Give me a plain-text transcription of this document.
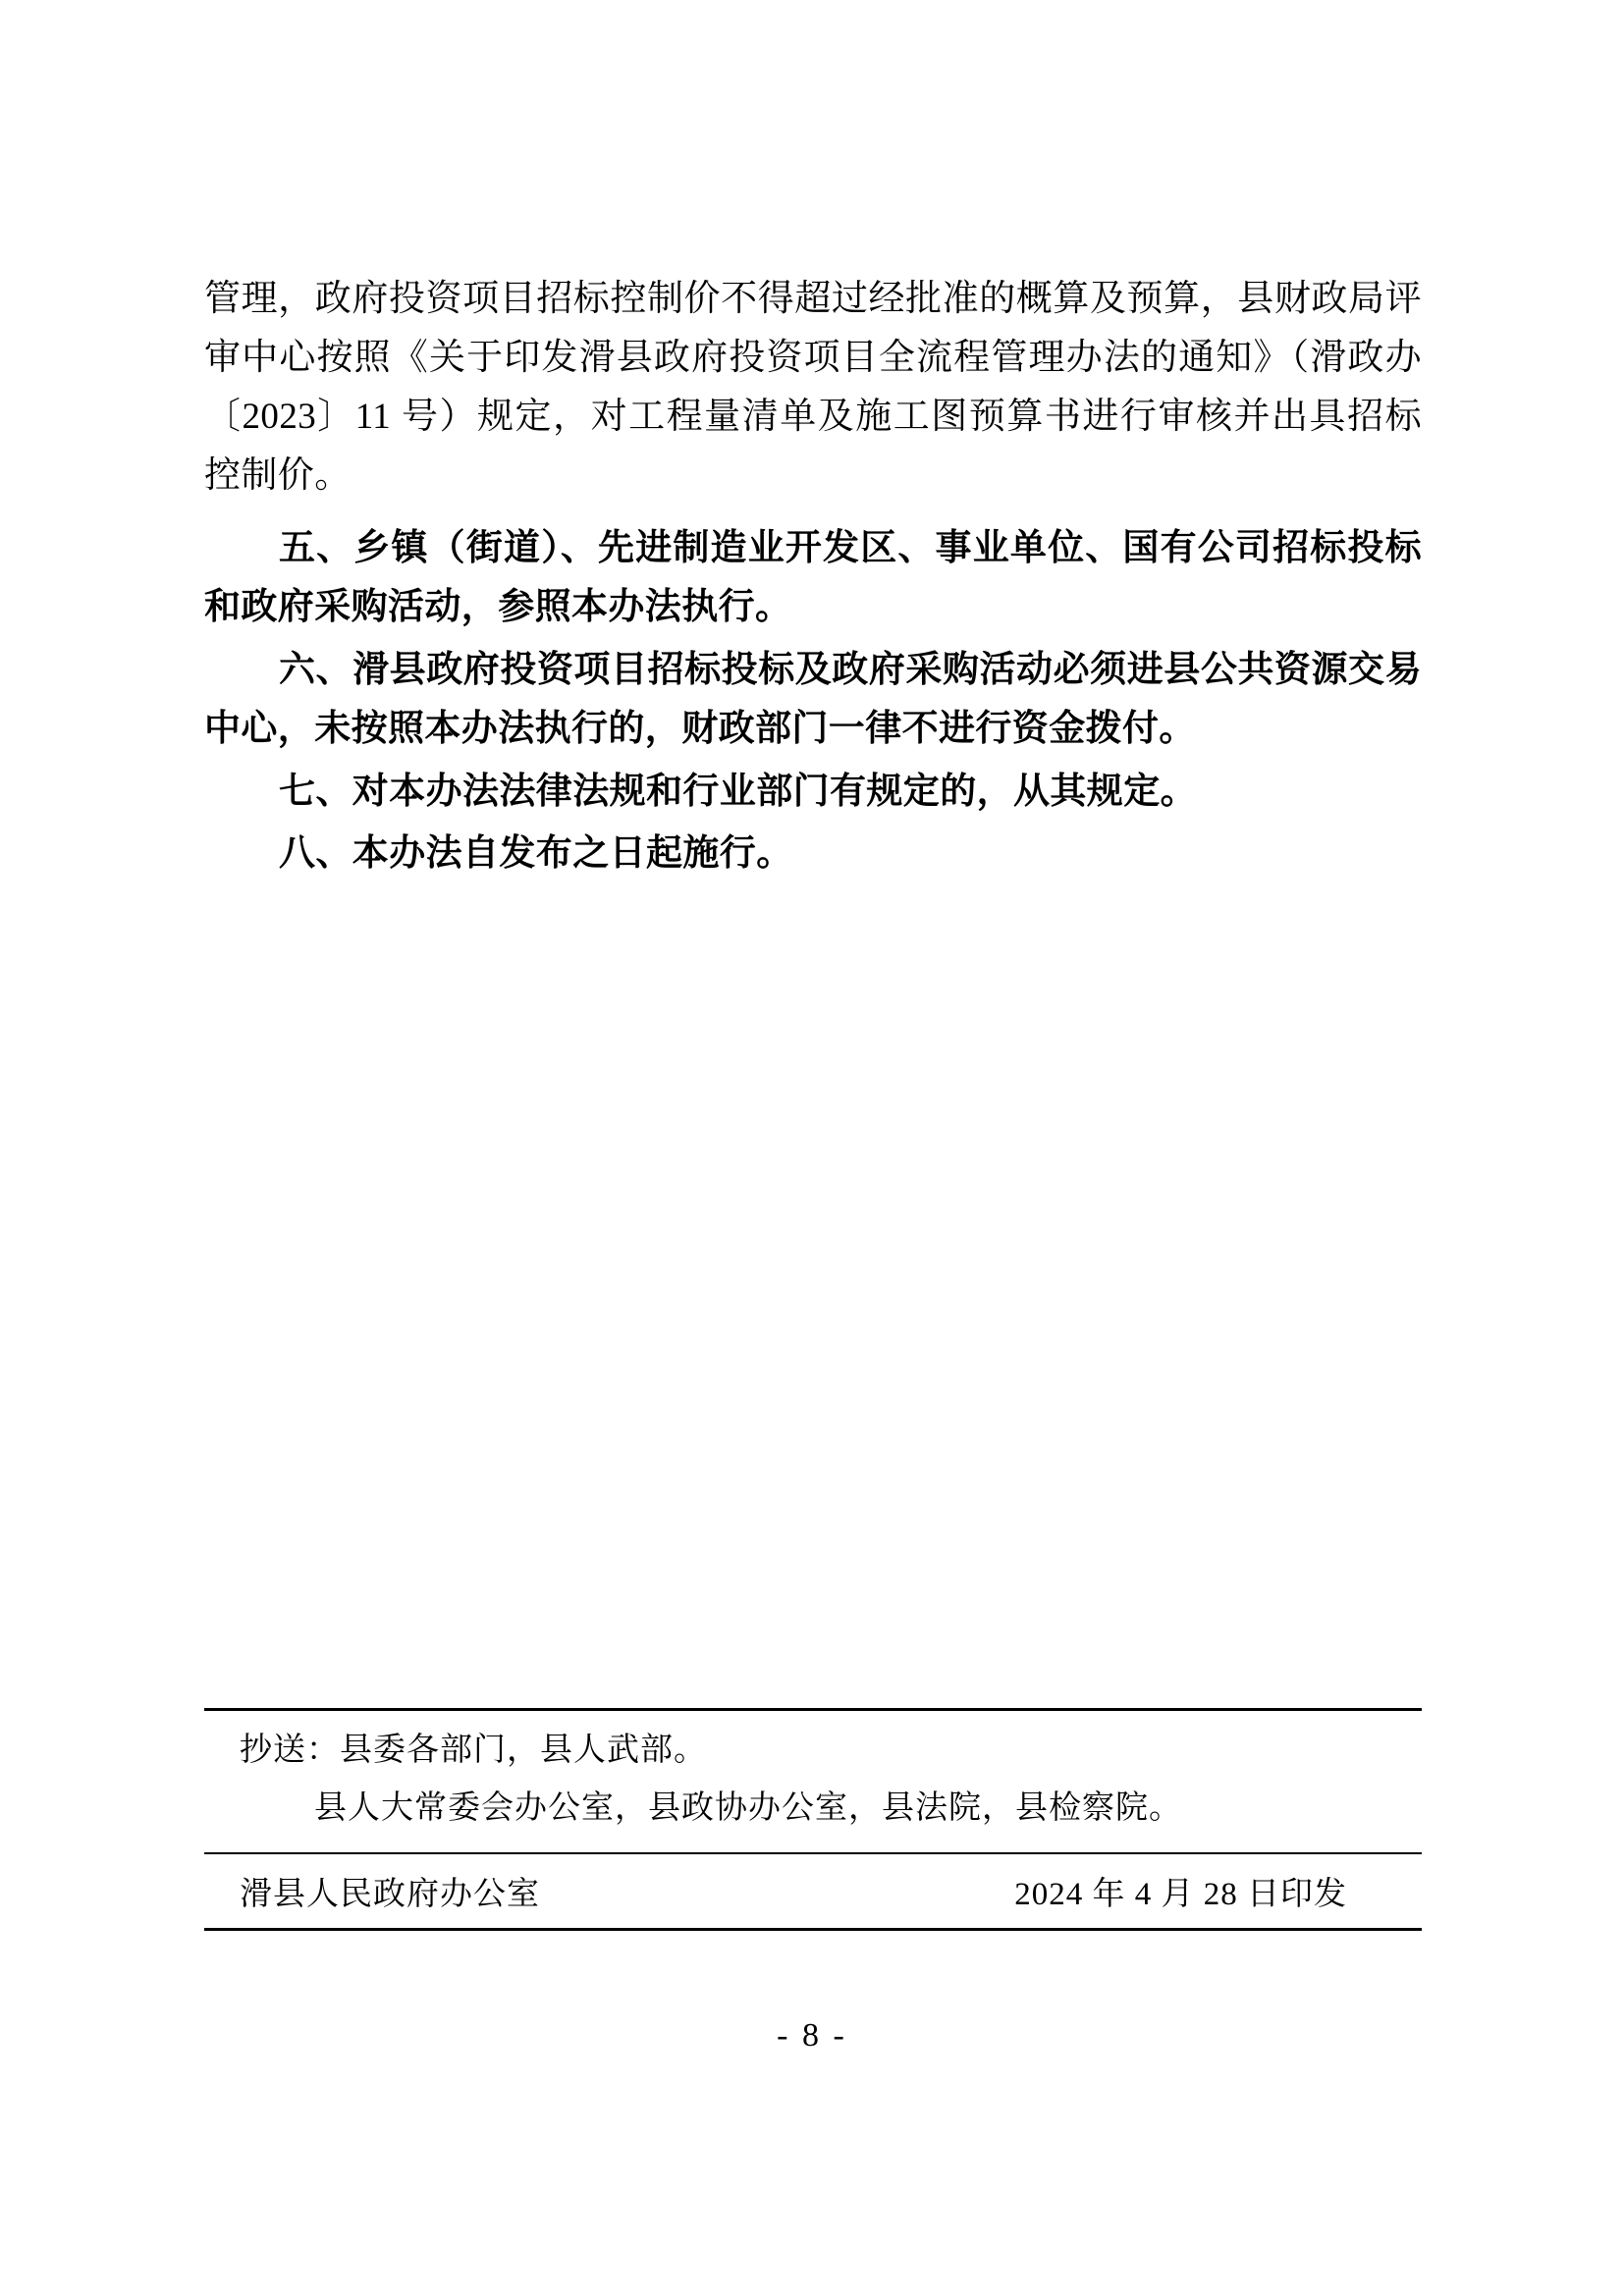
管理，政府投资项目招标控制价不得超过经批准的概算及预算，县财政局评审中心按照《关于印发滑县政府投资项目全流程管理办法的通知》（滑政办〔2023〕11 号）规定，对工程量清单及施工图预算书进行审核并出具招标控制价。

五、乡镇（街道）、先进制造业开发区、事业单位、国有公司招标投标和政府采购活动，参照本办法执行。

六、滑县政府投资项目招标投标及政府采购活动必须进县公共资源交易中心，未按照本办法执行的，财政部门一律不进行资金拨付。

七、对本办法法律法规和行业部门有规定的，从其规定。

八、本办法自发布之日起施行。

抄送：县委各部门，县人武部。
县人大常委会办公室，县政协办公室，县法院，县检察院。
滑县人民政府办公室	2024 年 4 月 28 日印发
- 8 -
